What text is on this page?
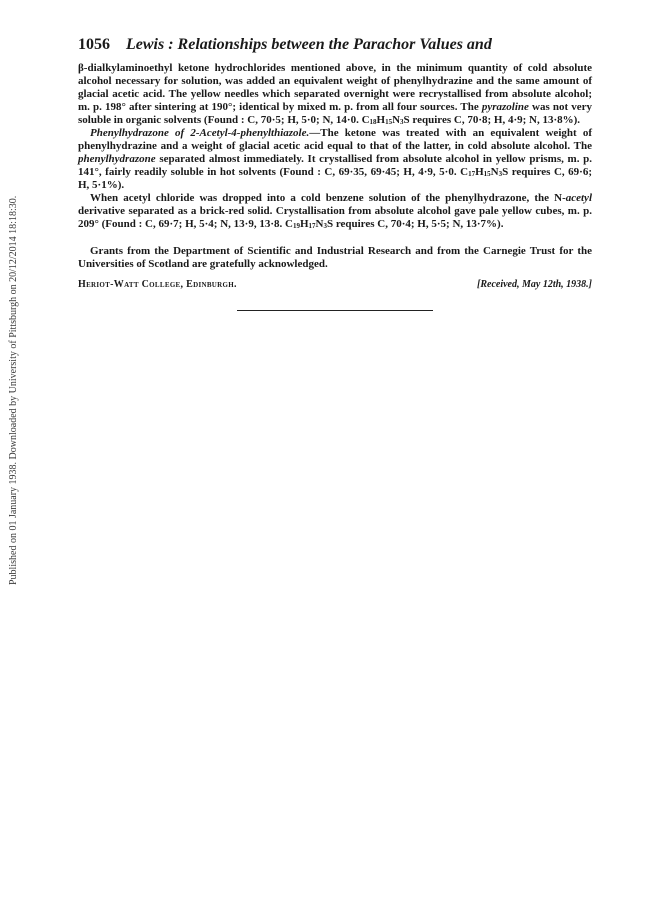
Published on 01 January 1938. Downloaded by University of Pittsburgh on 20/12/2014 18:18:30.
1056 Lewis : Relationships between the Parachor Values and

β-dialkylaminoethyl ketone hydrochlorides mentioned above, in the minimum quantity of cold absolute alcohol necessary for solution, was added an equivalent weight of phenylhydrazine and the same amount of glacial acetic acid. The yellow needles which separated overnight were recrystallised from absolute alcohol; m. p. 198° after sintering at 190°; identical by mixed m. p. from all four sources. The pyrazoline was not very soluble in organic solvents (Found : C, 70·5; H, 5·0; N, 14·0. $C_{18}H_{15}N_3S$ requires C, 70·8; H, 4·9; N, 13·8%).

Phenylhydrazone of 2-Acetyl-4-phenylthiazole.—The ketone was treated with an equivalent weight of phenylhydrazine and a weight of glacial acetic acid equal to that of the latter, in cold absolute alcohol. The phenylhydrazone separated almost immediately. It crystallised from absolute alcohol in yellow prisms, m. p. 141°, fairly readily soluble in hot solvents (Found : C, 69·35, 69·45; H, 4·9, 5·0. $C_{17}H_{15}N_3S$ requires C, 69·6; H, 5·1%).

When acetyl chloride was dropped into a cold benzene solution of the phenylhydrazone, the N-acetyl derivative separated as a brick-red solid. Crystallisation from absolute alcohol gave pale yellow cubes, m. p. 209° (Found : C, 69·7; H, 5·4; N, 13·9, 13·8. $C_{19}H_{17}N_3S$ requires C, 70·4; H, 5·5; N, 13·7%).

Grants from the Department of Scientific and Industrial Research and from the Carnegie Trust for the Universities of Scotland are gratefully acknowledged.

Heriot-Watt College, Edinburgh.	[Received, May 12th, 1938.]
